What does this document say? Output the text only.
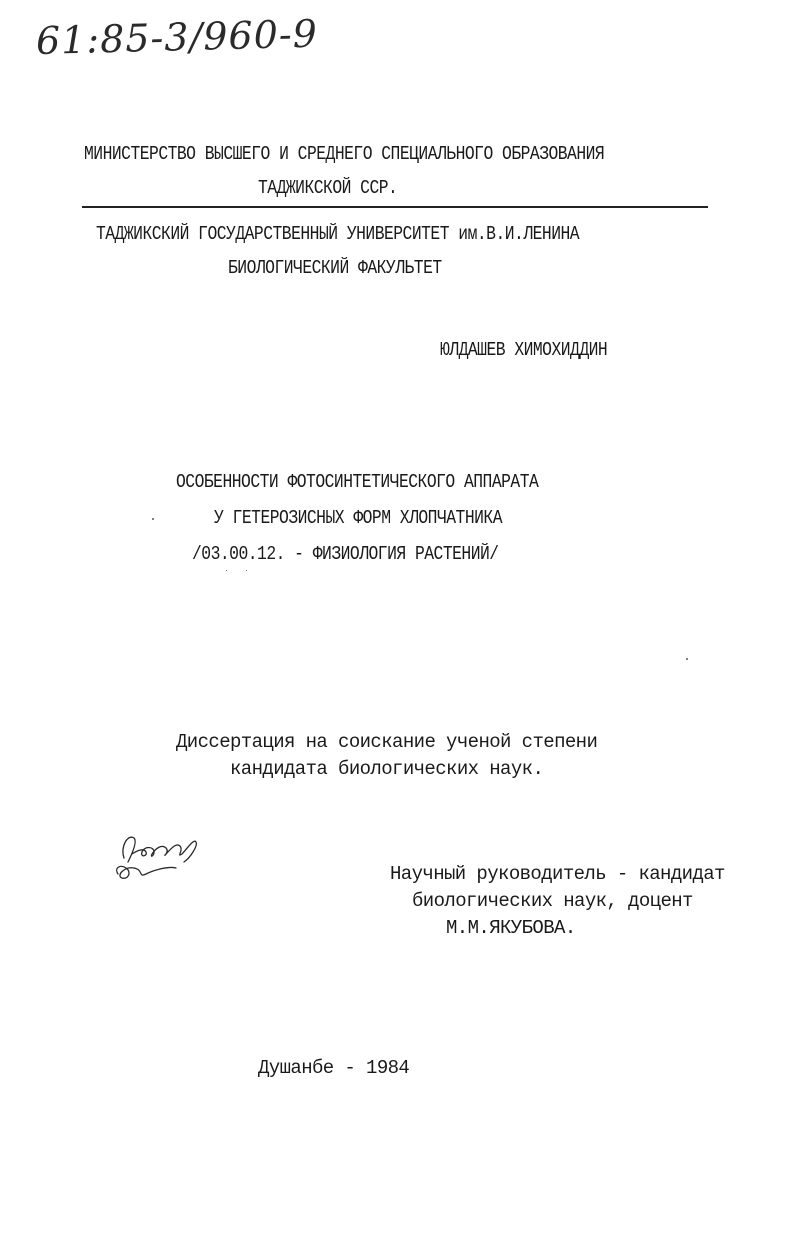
61:85-3/960-9
МИНИСТЕРСТВО ВЫСШЕГО И СРЕДНЕГО СПЕЦИАЛЬНОГО ОБРАЗОВАНИЯ
ТАДЖИКСКОЙ ССР.
ТАДЖИКСКИЙ ГОСУДАРСТВЕННЫЙ УНИВЕРСИТЕТ им.В.И.ЛЕНИНА
БИОЛОГИЧЕСКИЙ ФАКУЛЬТЕТ
ЮЛДАШЕВ ХИМОХИДДИН
ОСОБЕННОСТИ ФОТОСИНТЕТИЧЕСКОГО АППАРАТА
У ГЕТЕРОЗИСНЫХ ФОРМ ХЛОПЧАТНИКА
/03.00.12. - ФИЗИОЛОГИЯ РАСТЕНИЙ/
Диссертация на соискание ученой степени
кандидата биологических наук.
Научный руководитель - кандидат
биологических наук, доцент
М.М.ЯКУБОВА.
Душанбе - 1984
